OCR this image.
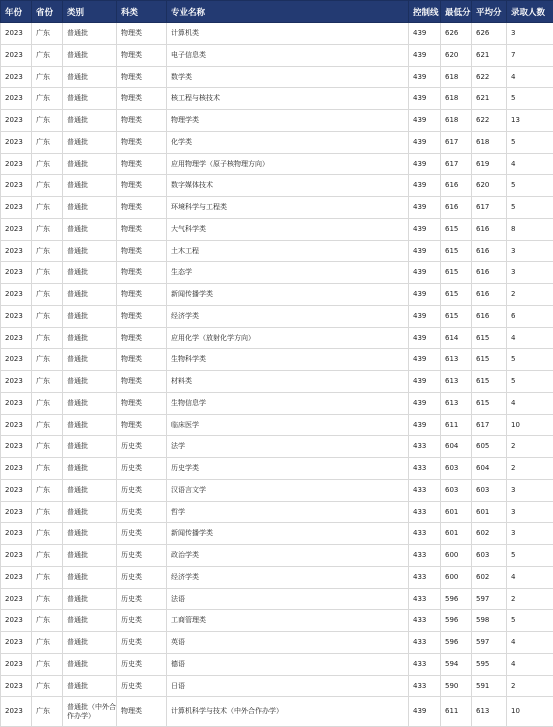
年份	省份	类别	科类	专业名称	控制线	最低分	平均分	录取人数
2023	广东	普通批	物理类	计算机类	439	626	626	3
2023	广东	普通批	物理类	电子信息类	439	620	621	7
2023	广东	普通批	物理类	数学类	439	618	622	4
2023	广东	普通批	物理类	核工程与核技术	439	618	621	5
2023	广东	普通批	物理类	物理学类	439	618	622	13
2023	广东	普通批	物理类	化学类	439	617	618	5
2023	广东	普通批	物理类	应用物理学（原子核物理方向）	439	617	619	4
2023	广东	普通批	物理类	数字媒体技术	439	616	620	5
2023	广东	普通批	物理类	环境科学与工程类	439	616	617	5
2023	广东	普通批	物理类	大气科学类	439	615	616	8
2023	广东	普通批	物理类	土木工程	439	615	616	3
2023	广东	普通批	物理类	生态学	439	615	616	3
2023	广东	普通批	物理类	新闻传播学类	439	615	616	2
2023	广东	普通批	物理类	经济学类	439	615	616	6
2023	广东	普通批	物理类	应用化学（放射化学方向）	439	614	615	4
2023	广东	普通批	物理类	生物科学类	439	613	615	5
2023	广东	普通批	物理类	材料类	439	613	615	5
2023	广东	普通批	物理类	生物信息学	439	613	615	4
2023	广东	普通批	物理类	临床医学	439	611	617	10
2023	广东	普通批	历史类	法学	433	604	605	2
2023	广东	普通批	历史类	历史学类	433	603	604	2
2023	广东	普通批	历史类	汉语言文学	433	603	603	3
2023	广东	普通批	历史类	哲学	433	601	601	3
2023	广东	普通批	历史类	新闻传播学类	433	601	602	3
2023	广东	普通批	历史类	政治学类	433	600	603	5
2023	广东	普通批	历史类	经济学类	433	600	602	4
2023	广东	普通批	历史类	法语	433	596	597	2
2023	广东	普通批	历史类	工商管理类	433	596	598	5
2023	广东	普通批	历史类	英语	433	596	597	4
2023	广东	普通批	历史类	德语	433	594	595	4
2023	广东	普通批	历史类	日语	433	590	591	2
2023	广东	普通批（中外合作办学）	物理类	计算机科学与技术（中外合作办学）	439	611	613	10
